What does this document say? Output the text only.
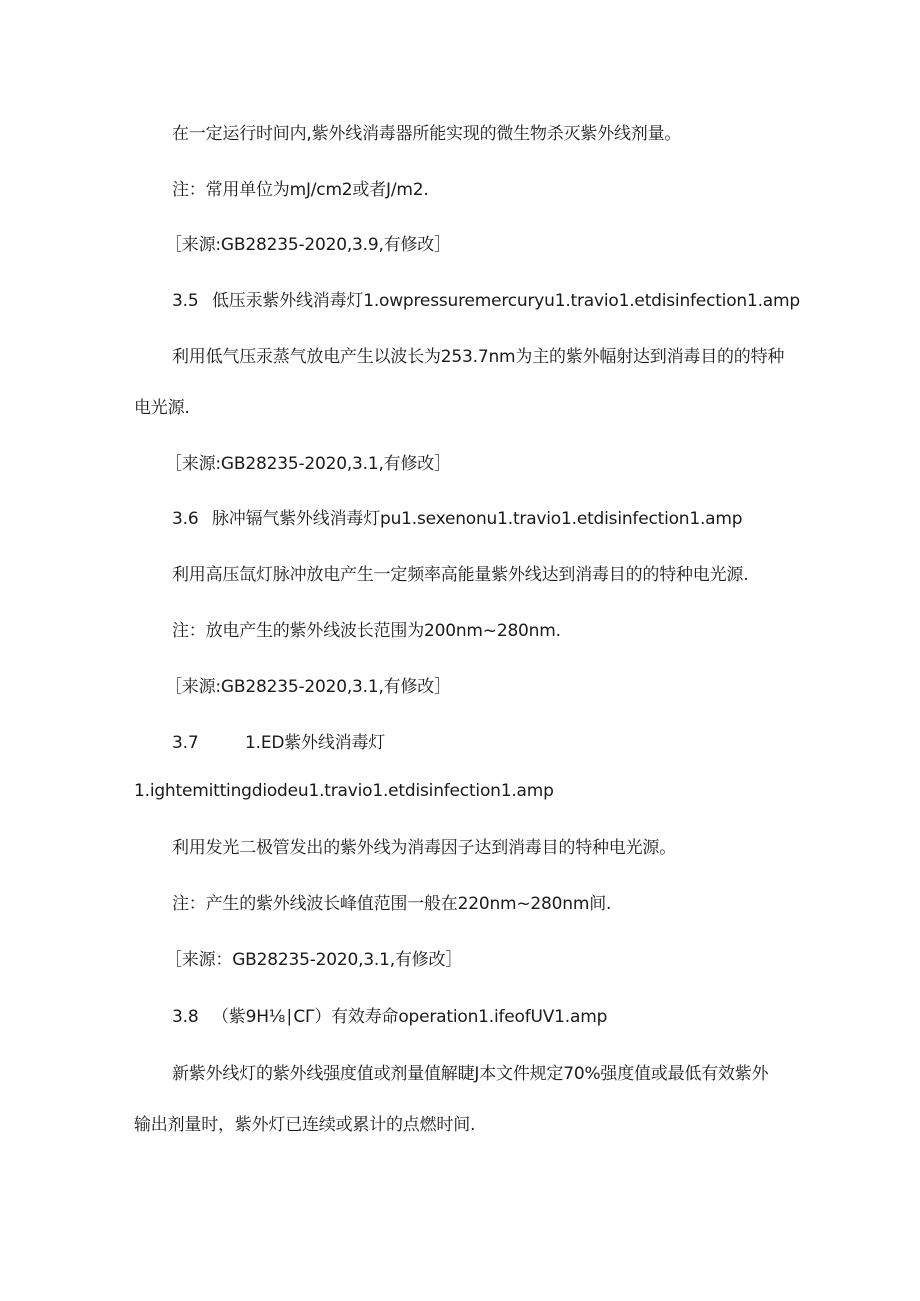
在一定运行时间内,紫外线消毒器所能实现的微生物杀灭紫外线剂量。
注：常用单位为mJ/cm2或者J/m2.
［来源:GB28235-2020,3.9,有修改］
3.5 低压汞紫外线消毒灯1.owpressuremercuryu1.travio1.etdisinfection1.amp
利用低气压汞蒸气放电产生以波长为253.7nm为主的紫外幅射达到消毒目的的特种
电光源.
［来源:GB28235-2020,3.1,有修改］
3.6 脉冲镉气紫外线消毒灯pu1.sexenonu1.travio1.etdisinfection1.amp
利用高压氙灯脉冲放电产生一定频率高能量紫外线达到消毒目的的特种电光源.
注：放电产生的紫外线波长范围为200nm~280nm.
［来源:GB28235-2020,3.1,有修改］
3.7	1.ED紫外线消毒灯
1.ightemittingdiodeu1.travio1.etdisinfection1.amp
利用发光二极管发出的紫外线为消毒因子达到消毒目的特种电光源。
注：产生的紫外线波长峰值范围一般在220nm~280nm间.
［来源：GB28235-2020,3.1,有修改］
3.8 （紫9H⅛∣CΓ）有效寿命operation1.ifeofUV1.amp
新紫外线灯的紫外线强度值或剂量值解睫J本文件规定70%强度值或最低有效紫外
输出剂量时，紫外灯已连续或累计的点燃时间.
